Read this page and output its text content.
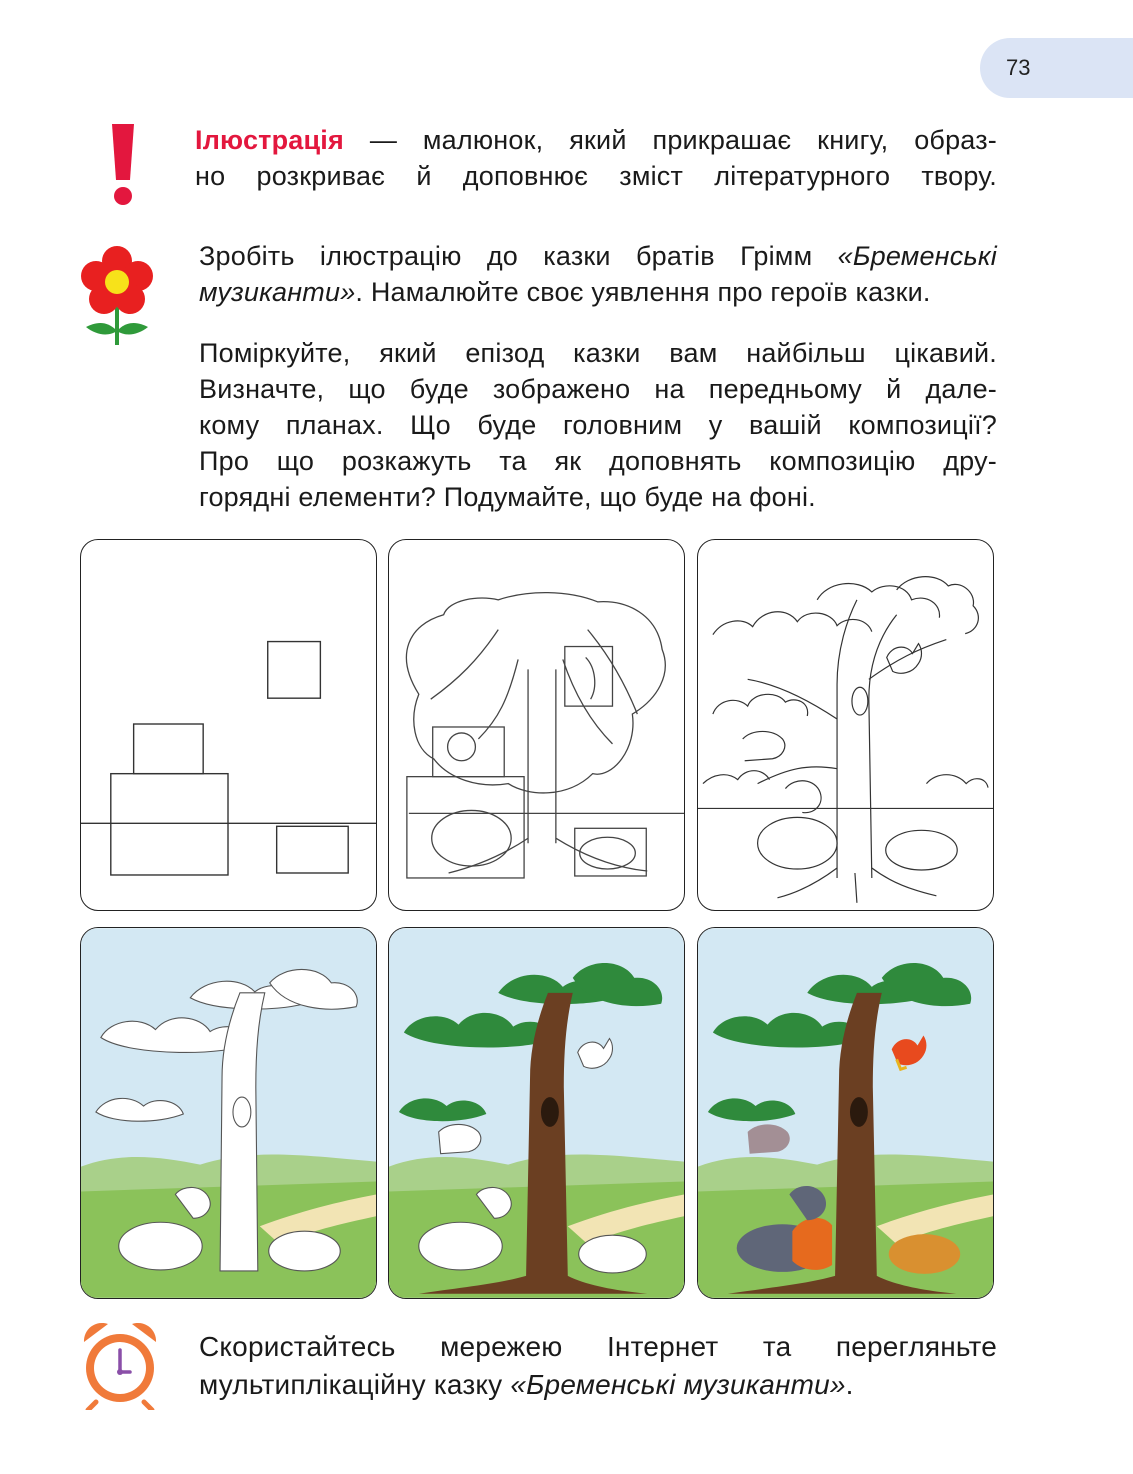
73
Ілюстрація — малюнок, який прикрашає книгу, образ-
но розкриває й доповнює зміст літературного твору.
Зробіть ілюстрацію до казки братів Грімм «Бременські
музиканти». Намалюйте своє уявлення про героїв казки.
Поміркуйте, який епізод казки вам найбільш цікавий.
Визначте, що буде зображено на передньому й дале-
кому планах. Що буде головним у вашій композиції?
Про що розкажуть та як доповнять композицію дру-
горядні елементи? Подумайте, що буде на фоні.
Скористайтесь мережею Інтернет та перегляньте
мультиплікаційну казку «Бременські музиканти».
